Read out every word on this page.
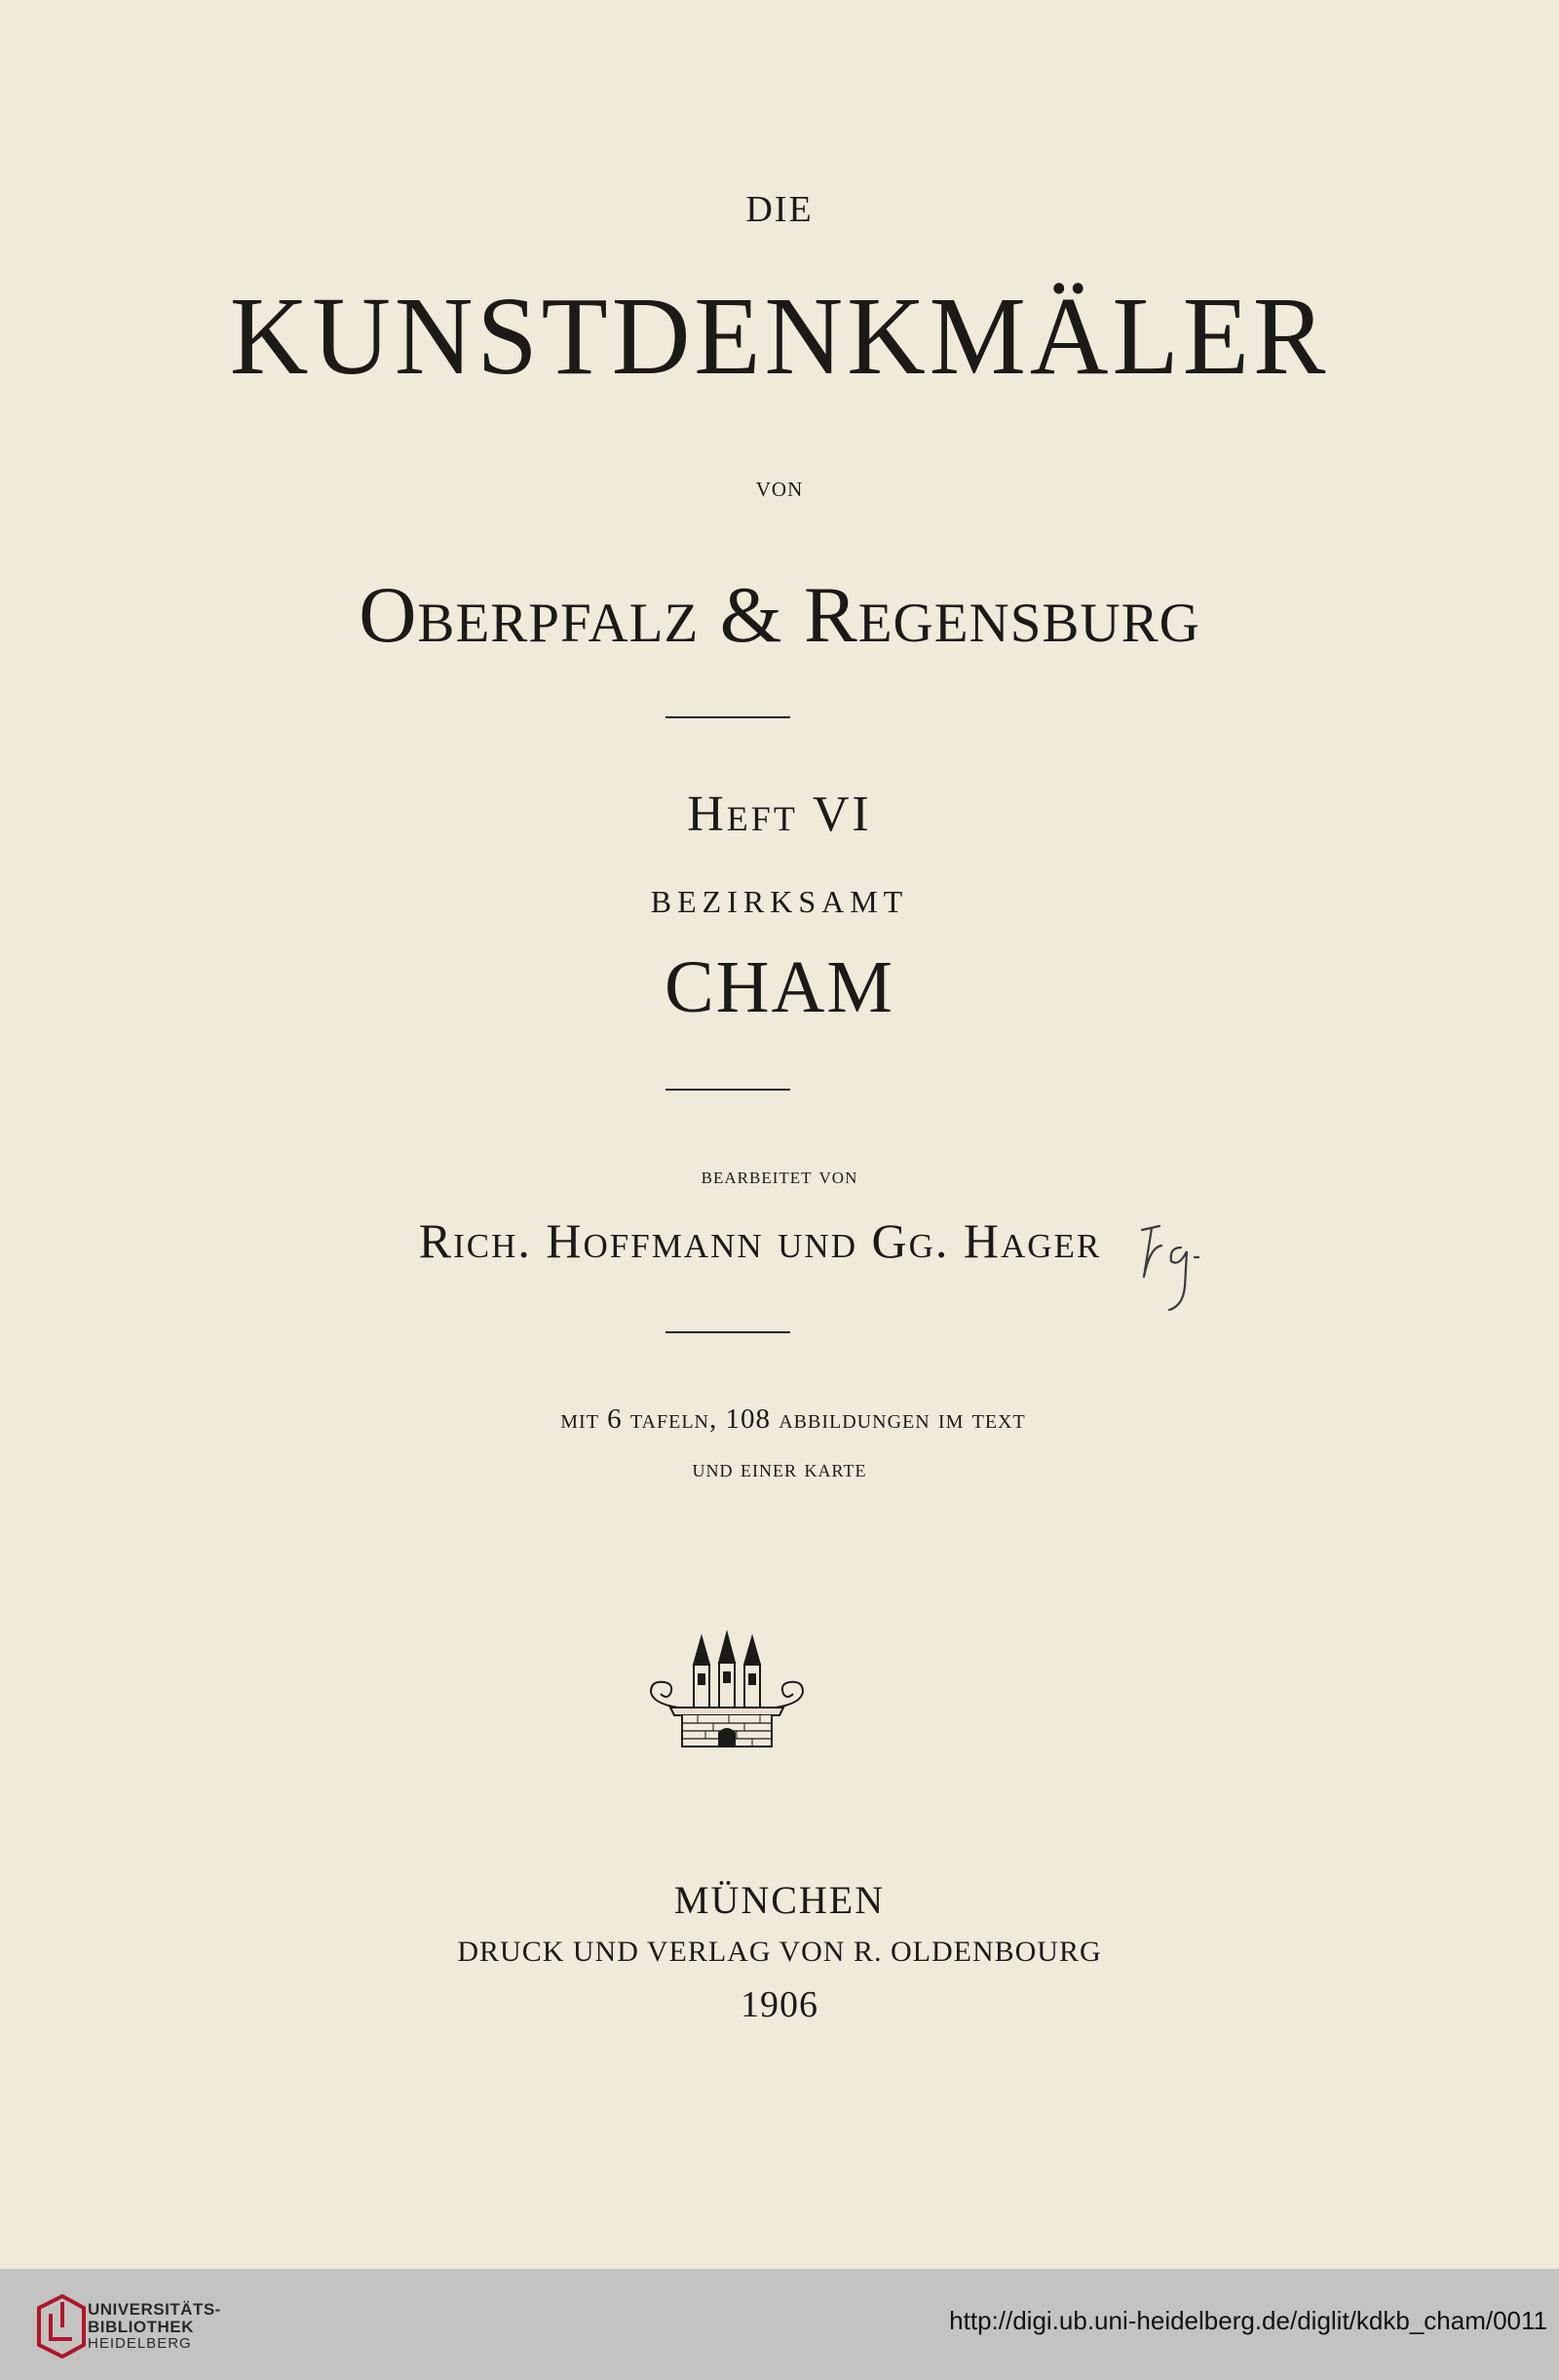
DIE
KUNSTDENKMÄLER
von
Oberpfalz & Regensburg
Heft VI
BEZIRKSAMT
CHAM
bearbeitet von
Rich. Hoffmann und Gg. Hager
mit 6 tafeln, 108 abbildungen im text
und einer karte
MÜNCHEN
DRUCK UND VERLAG VON R. OLDENBOURG
1906
UNIVERSITÄTS-
BIBLIOTHEK
HEIDELBERG
http://digi.ub.uni-heidelberg.de/diglit/kdkb_cham/0011
